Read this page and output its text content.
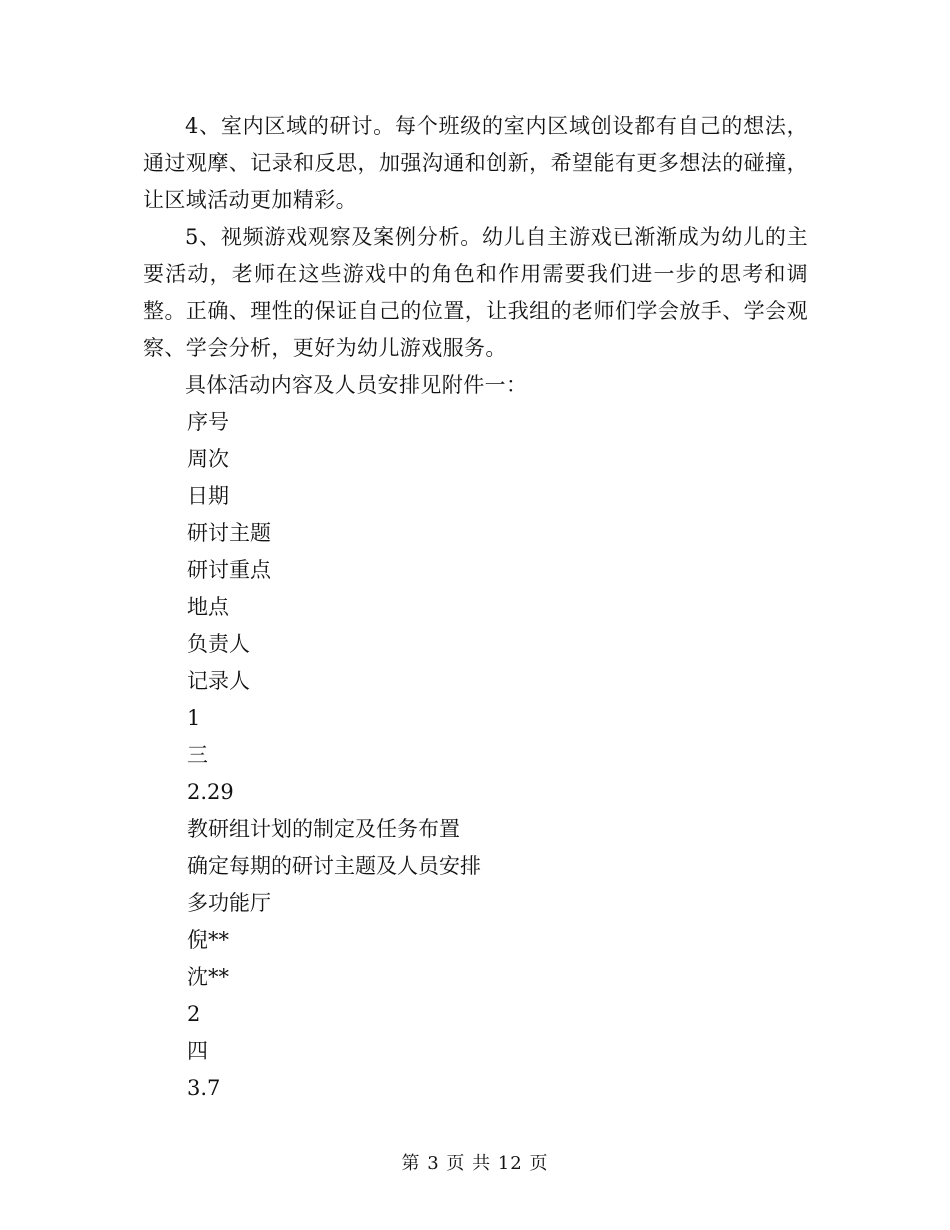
4、室内区域的研讨。每个班级的室内区域创设都有自己的想法，通过观摩、记录和反思，加强沟通和创新，希望能有更多想法的碰撞，让区域活动更加精彩。

5、视频游戏观察及案例分析。幼儿自主游戏已渐渐成为幼儿的主要活动，老师在这些游戏中的角色和作用需要我们进一步的思考和调整。正确、理性的保证自己的位置，让我组的老师们学会放手、学会观察、学会分析，更好为幼儿游戏服务。

具体活动内容及人员安排见附件一：

序号

周次

日期

研讨主题

研讨重点

地点

负责人

记录人

1

三

2.29

教研组计划的制定及任务布置

确定每期的研讨主题及人员安排

多功能厅

倪**

沈**

2

四

3.7

第 3 页 共 12 页
